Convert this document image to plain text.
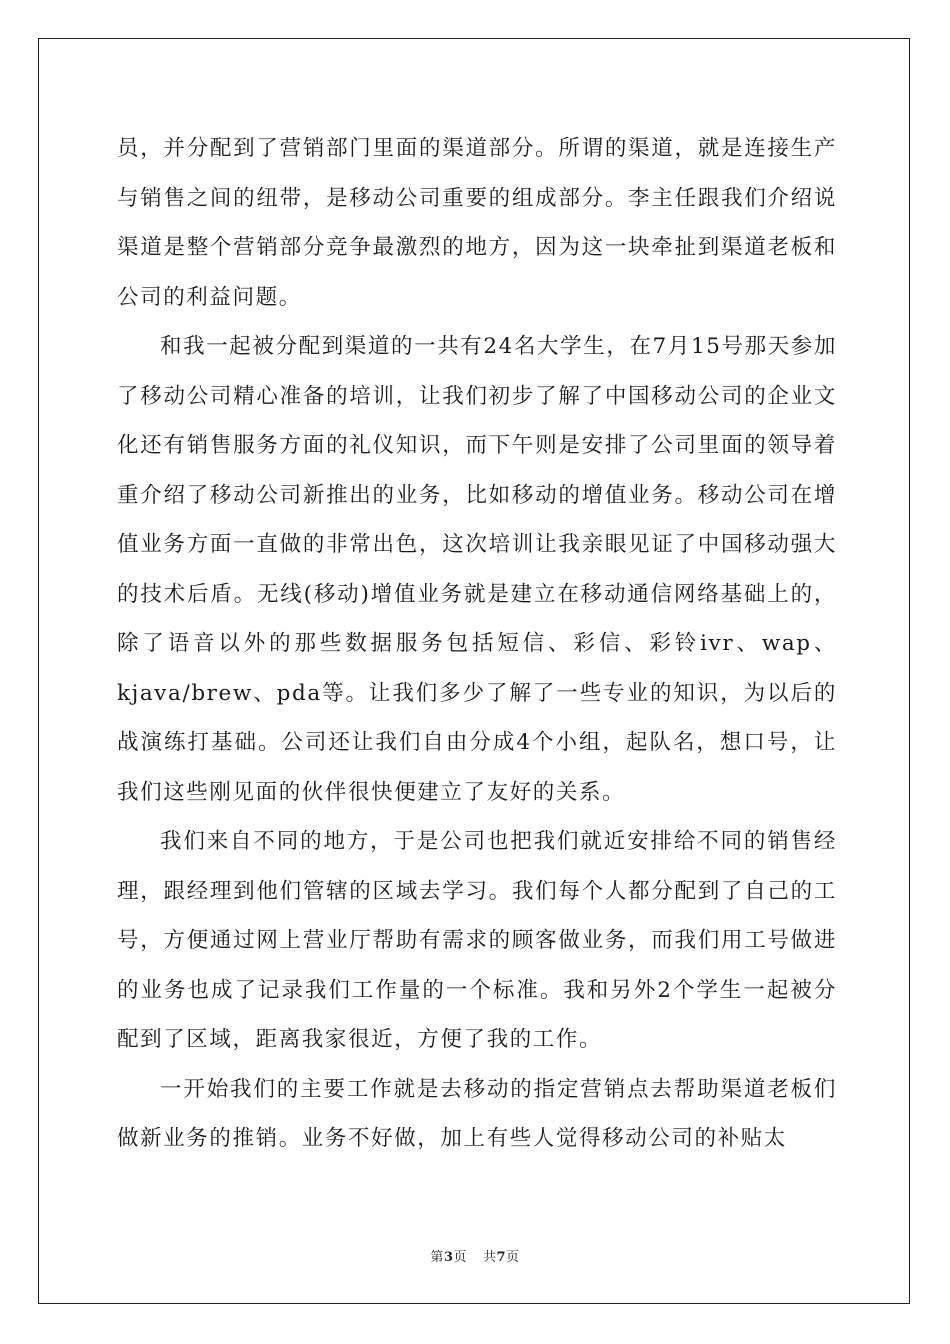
员，并分配到了营销部门里面的渠道部分。所谓的渠道，就是连接生产与销售之间的纽带，是移动公司重要的组成部分。李主任跟我们介绍说渠道是整个营销部分竞争最激烈的地方，因为这一块牵扯到渠道老板和公司的利益问题。

和我一起被分配到渠道的一共有24名大学生，在7月15号那天参加了移动公司精心准备的培训，让我们初步了解了中国移动公司的企业文化还有销售服务方面的礼仪知识，而下午则是安排了公司里面的领导着重介绍了移动公司新推出的业务，比如移动的增值业务。移动公司在增值业务方面一直做的非常出色，这次培训让我亲眼见证了中国移动强大的技术后盾。无线(移动)增值业务就是建立在移动通信网络基础上的，除了语音以外的那些数据服务包括短信、彩信、彩铃ivr、wap、kjava/brew、pda等。让我们多少了解了一些专业的知识，为以后的战演练打基础。公司还让我们自由分成4个小组，起队名，想口号，让我们这些刚见面的伙伴很快便建立了友好的关系。

我们来自不同的地方，于是公司也把我们就近安排给不同的销售经理，跟经理到他们管辖的区域去学习。我们每个人都分配到了自己的工号，方便通过网上营业厅帮助有需求的顾客做业务，而我们用工号做进的业务也成了记录我们工作量的一个标准。我和另外2个学生一起被分配到了区域，距离我家很近，方便了我的工作。

一开始我们的主要工作就是去移动的指定营销点去帮助渠道老板们做新业务的推销。业务不好做，加上有些人觉得移动公司的补贴太

第3页 共7页
